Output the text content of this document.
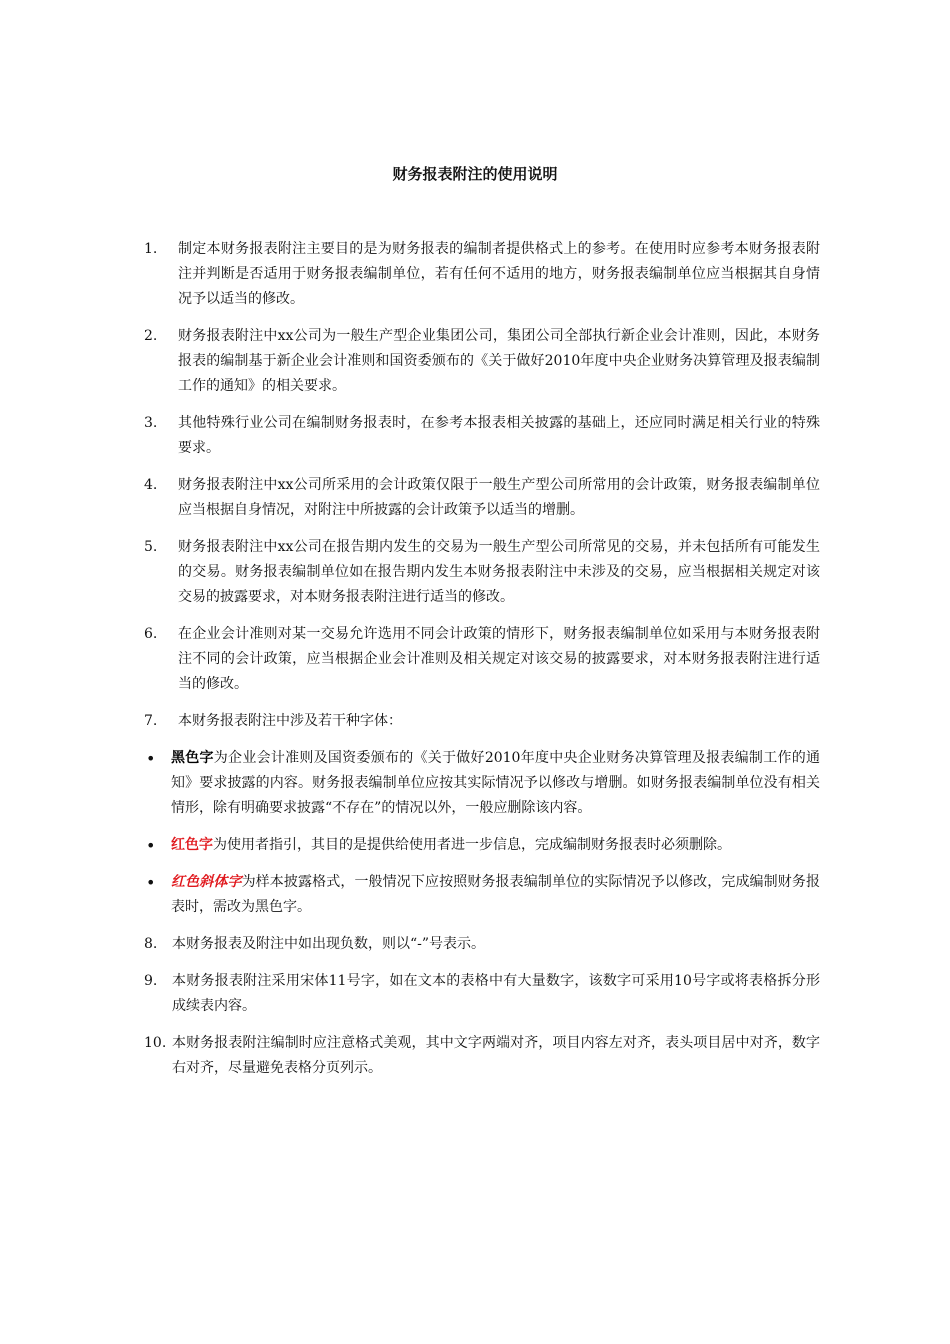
财务报表附注的使用说明
1.	制定本财务报表附注主要目的是为财务报表的编制者提供格式上的参考。在使用时应参考本财务报表附注并判断是否适用于财务报表编制单位，若有任何不适用的地方，财务报表编制单位应当根据其自身情况予以适当的修改。
2.	财务报表附注中xx公司为一般生产型企业集团公司，集团公司全部执行新企业会计准则，因此，本财务报表的编制基于新企业会计准则和国资委颁布的《关于做好2010年度中央企业财务决算管理及报表编制工作的通知》的相关要求。
3.	其他特殊行业公司在编制财务报表时，在参考本报表相关披露的基础上，还应同时满足相关行业的特殊要求。
4.	财务报表附注中xx公司所采用的会计政策仅限于一般生产型公司所常用的会计政策，财务报表编制单位应当根据自身情况，对附注中所披露的会计政策予以适当的增删。
5.	财务报表附注中xx公司在报告期内发生的交易为一般生产型公司所常见的交易，并未包括所有可能发生的交易。财务报表编制单位如在报告期内发生本财务报表附注中未涉及的交易，应当根据相关规定对该交易的披露要求，对本财务报表附注进行适当的修改。
6.	在企业会计准则对某一交易允许选用不同会计政策的情形下，财务报表编制单位如采用与本财务报表附注不同的会计政策，应当根据企业会计准则及相关规定对该交易的披露要求，对本财务报表附注进行适当的修改。
7.	本财务报表附注中涉及若干种字体：
•	黑色字为企业会计准则及国资委颁布的《关于做好2010年度中央企业财务决算管理及报表编制工作的通知》要求披露的内容。财务报表编制单位应按其实际情况予以修改与增删。如财务报表编制单位没有相关情形，除有明确要求披露“不存在”的情况以外，一般应删除该内容。
•	红色字为使用者指引，其目的是提供给使用者进一步信息，完成编制财务报表时必须删除。
•	红色斜体字为样本披露格式，一般情况下应按照财务报表编制单位的实际情况予以修改，完成编制财务报表时，需改为黑色字。
8.	本财务报表及附注中如出现负数，则以“-”号表示。
9.	本财务报表附注采用宋体11号字，如在文本的表格中有大量数字，该数字可采用10号字或将表格拆分形成续表内容。
10. 本财务报表附注编制时应注意格式美观，其中文字两端对齐，项目内容左对齐，表头项目居中对齐，数字右对齐，尽量避免表格分页列示。
